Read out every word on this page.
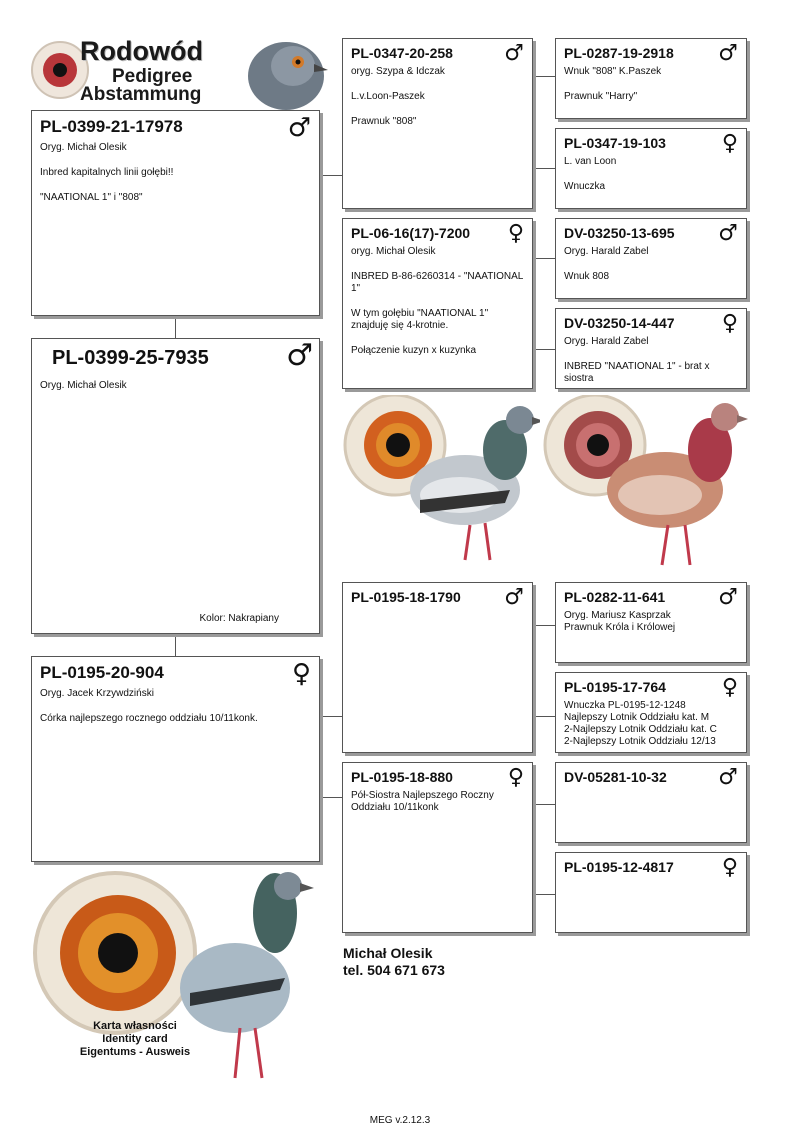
Rodowód
Pedigree
Abstammung
PL-0399-21-17978	♂

Oryg. Michał Olesik

Inbred kapitalnych linii gołębi!!

"NAATIONAL 1" i "808"

PL-0399-25-7935	♂

Oryg. Michał Olesik

Kolor: Nakrapiany

PL-0195-20-904	♀

Oryg. Jacek Krzywdziński

Córka najlepszego rocznego oddziału 10/11konk.

PL-0347-20-258	♂

oryg. Szypa & Idczak

L.v.Loon-Paszek

Prawnuk "808"

PL-06-16(17)-7200	♀

oryg. Michał Olesik

INBRED B-86-6260314 - "NAATIONAL 1"

W tym gołębiu "NAATIONAL 1" znajduję się 4-krotnie.

Połączenie kuzyn x kuzynka

PL-0195-18-1790	♂
PL-0195-18-880	♀

Pół-Siostra Najlepszego Roczny Oddziału 10/11konk

PL-0287-19-2918	♂

Wnuk "808" K.Paszek

Prawnuk "Harry"

PL-0347-19-103	♀

L. van Loon

Wnuczka

DV-03250-13-695	♂

Oryg. Harald Zabel

Wnuk 808

DV-03250-14-447	♀

Oryg. Harald Zabel

INBRED "NAATIONAL 1" - brat x siostra

PL-0282-11-641	♂

Oryg. Mariusz Kasprzak

Prawnuk Króla i Królowej

PL-0195-17-764	♀

Wnuczka PL-0195-12-1248

Najlepszy Lotnik Oddziału kat. M

2-Najlepszy Lotnik Oddziału kat. C

2-Najlepszy Lotnik Oddziału 12/13

DV-05281-10-32	♂
PL-0195-12-4817	♀
Karta własności
Identity card
Eigentums - Ausweis
Michał Olesik
tel. 504 671 673
MEG v.2.12.3
